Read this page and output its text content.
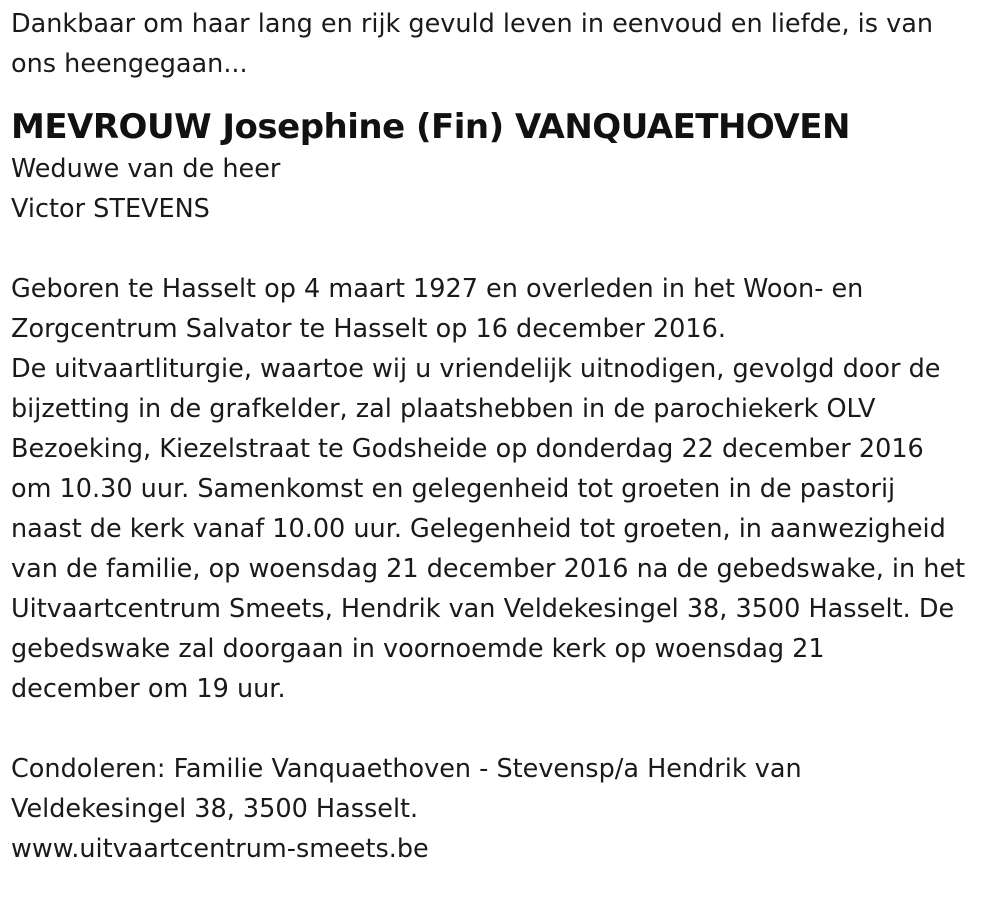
Dankbaar om haar lang en rijk gevuld leven in eenvoud en liefde, is van
ons heengegaan...
MEVROUW Josephine (Fin) VANQUAETHOVEN
Weduwe van de heer
Victor STEVENS
Geboren te Hasselt op 4 maart 1927 en overleden in het Woon- en
Zorgcentrum Salvator te Hasselt op 16 december 2016.
De uitvaartliturgie, waartoe wij u vriendelijk uitnodigen, gevolgd door de
bijzetting in de grafkelder, zal plaatshebben in de parochiekerk OLV
Bezoeking, Kiezelstraat te Godsheide op donderdag 22 december 2016
om 10.30 uur. Samenkomst en gelegenheid tot groeten in de pastorij
naast de kerk vanaf 10.00 uur. Gelegenheid tot groeten, in aanwezigheid
van de familie, op woensdag 21 december 2016 na de gebedswake, in het
Uitvaartcentrum Smeets, Hendrik van Veldekesingel 38, 3500 Hasselt. De
gebedswake zal doorgaan in voornoemde kerk op woensdag 21
december om 19 uur.
Condoleren: Familie Vanquaethoven - Stevensp/a Hendrik van
Veldekesingel 38, 3500 Hasselt.
www.uitvaartcentrum-smeets.be
